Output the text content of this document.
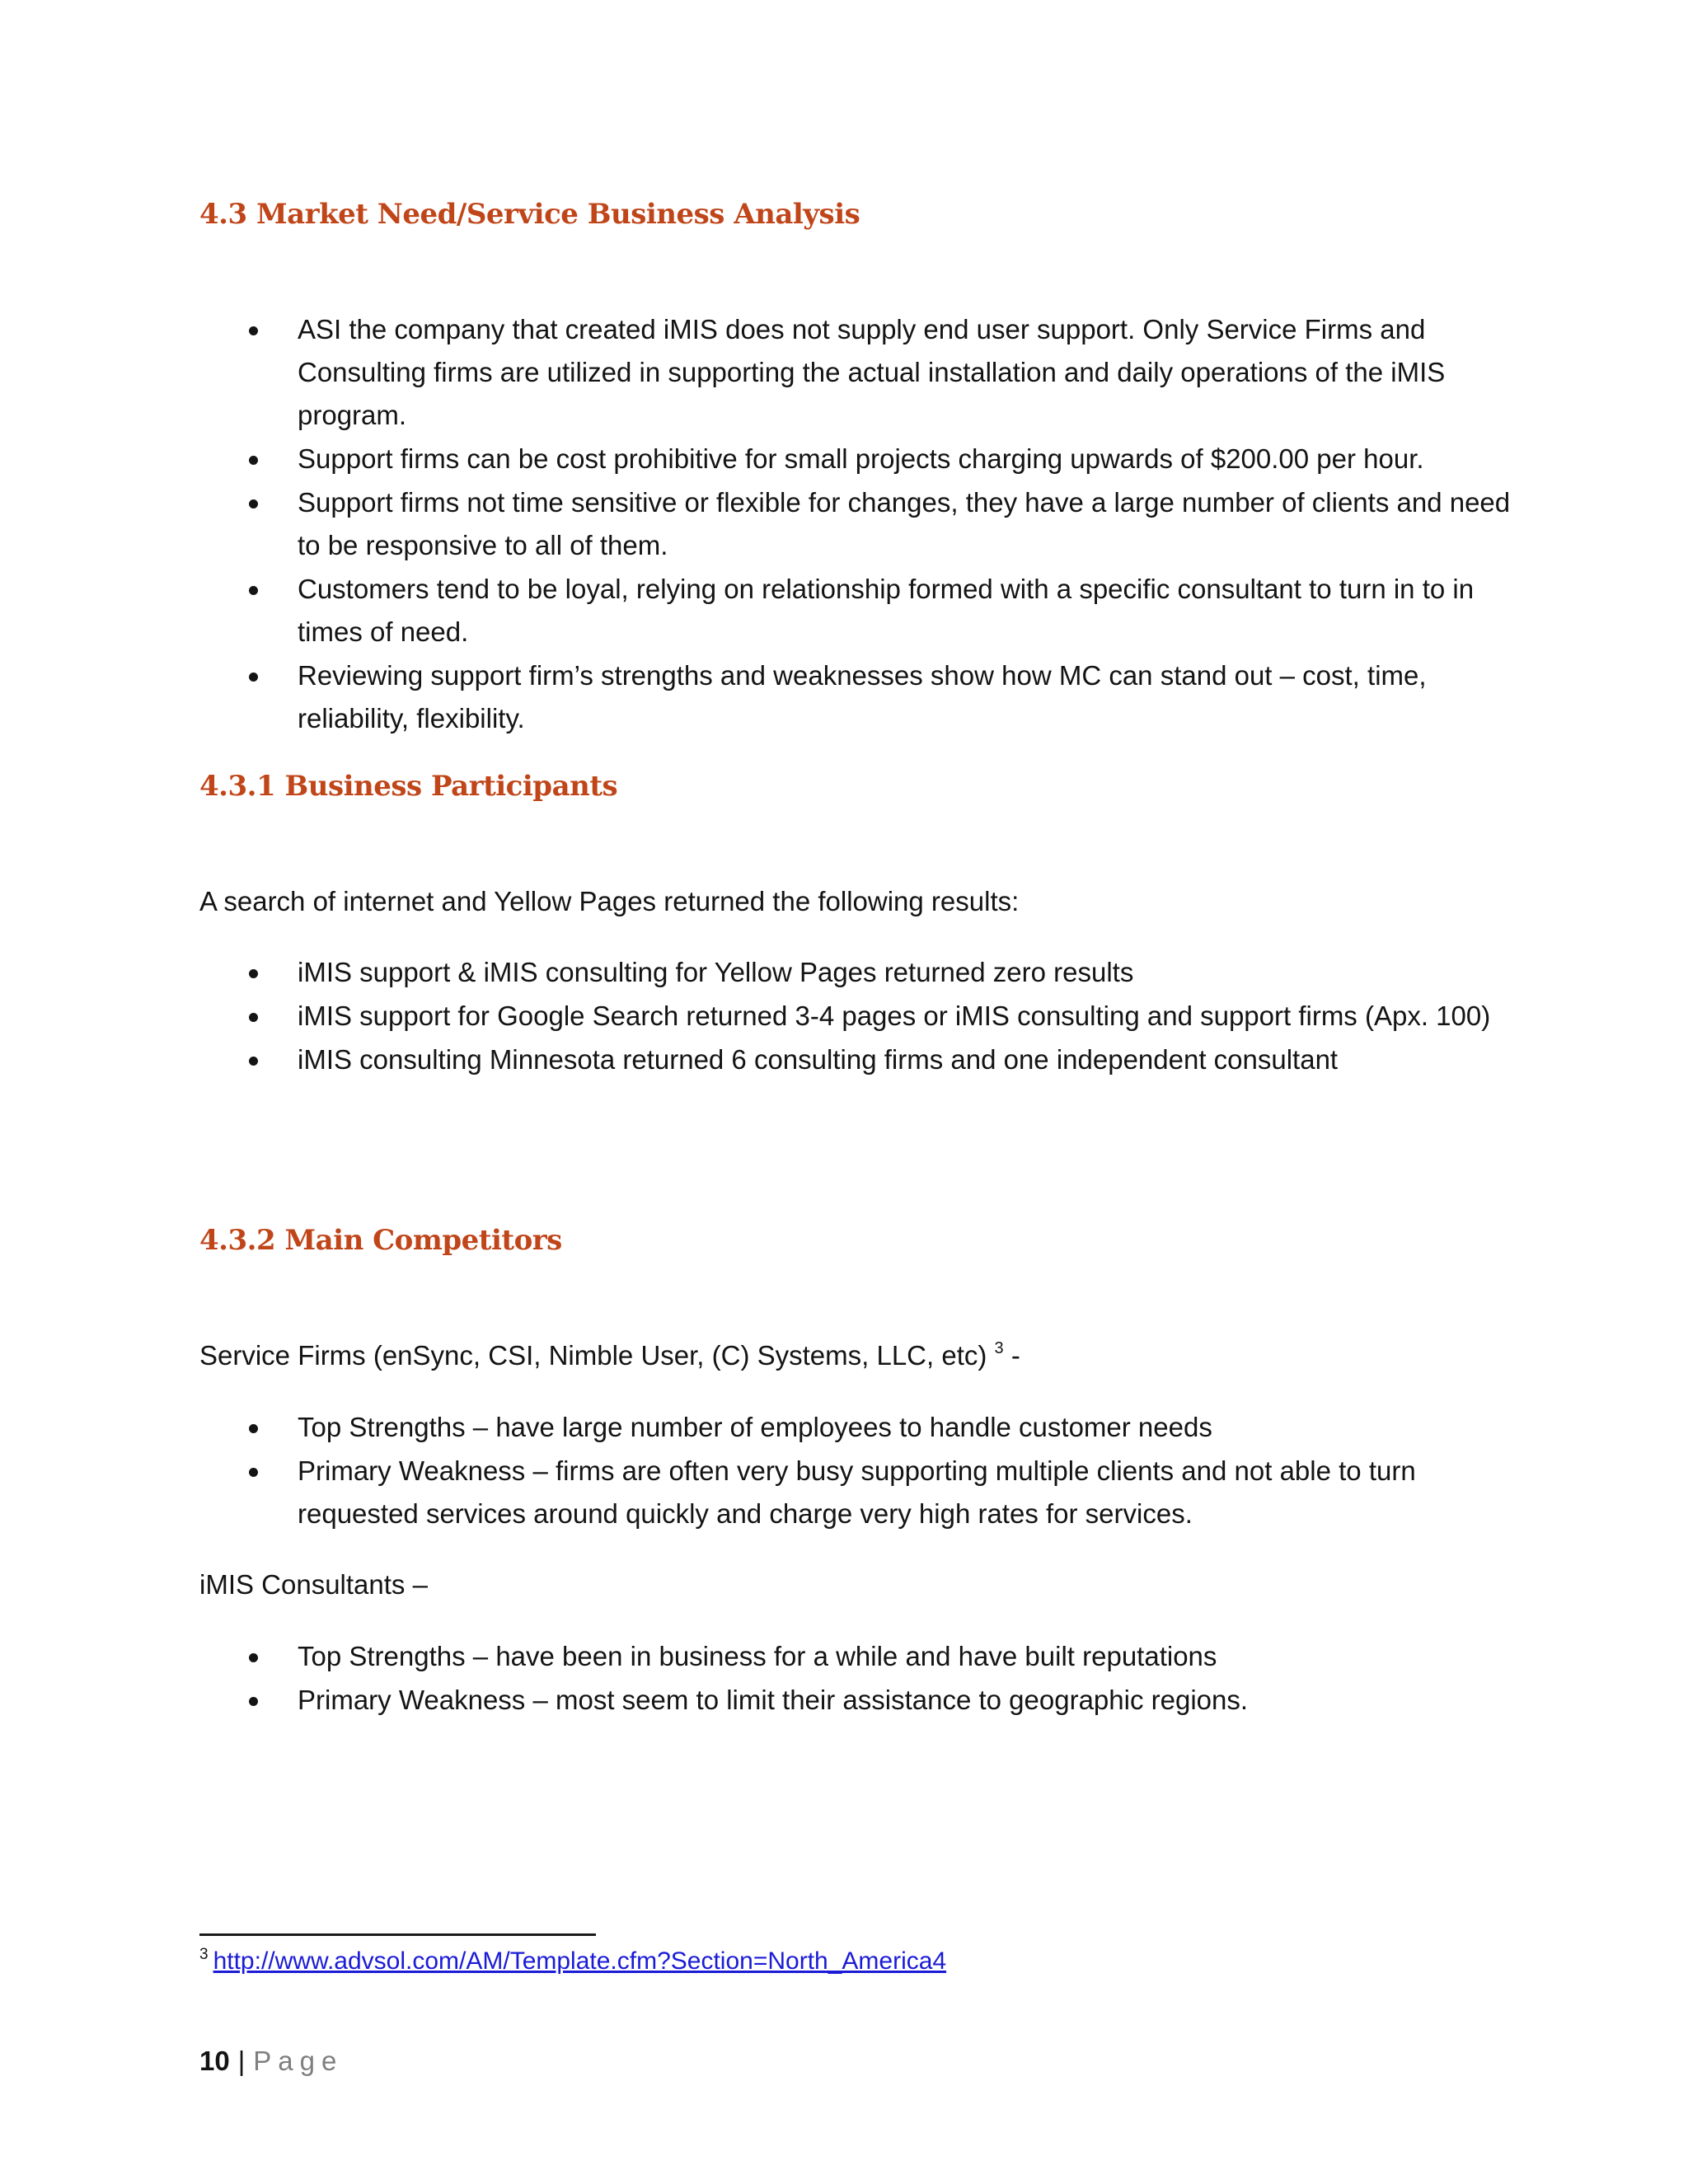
4.3 Market Need/Service Business Analysis
ASI the company that created iMIS does not supply end user support. Only Service Firms and Consulting firms are utilized in supporting the actual installation and daily operations of the iMIS program.
Support firms can be cost prohibitive for small projects charging upwards of $200.00 per hour.
Support firms not time sensitive or flexible for changes, they have a large number of clients and need to be responsive to all of them.
Customers tend to be loyal, relying on relationship formed with a specific consultant to turn in to in times of need.
Reviewing support firm’s strengths and weaknesses show how MC can stand out – cost, time, reliability, flexibility.
4.3.1 Business Participants

A search of internet and Yellow Pages returned the following results:

iMIS support & iMIS consulting for Yellow Pages returned zero results
iMIS support for Google Search returned 3-4 pages or iMIS consulting and support firms (Apx. 100)
iMIS consulting Minnesota returned 6 consulting firms and one independent consultant
4.3.2 Main Competitors

Service Firms (enSync, CSI, Nimble User, (C) Systems, LLC, etc) $^3$ -

Top Strengths – have large number of employees to handle customer needs
Primary Weakness – firms are often very busy supporting multiple clients and not able to turn requested services around quickly and charge very high rates for services.

iMIS Consultants –

Top Strengths – have been in business for a while and have built reputations
Primary Weakness – most seem to limit their assistance to geographic regions.
$^3$ http://www.advsol.com/AM/Template.cfm?Section=North_America4
10 | Page
